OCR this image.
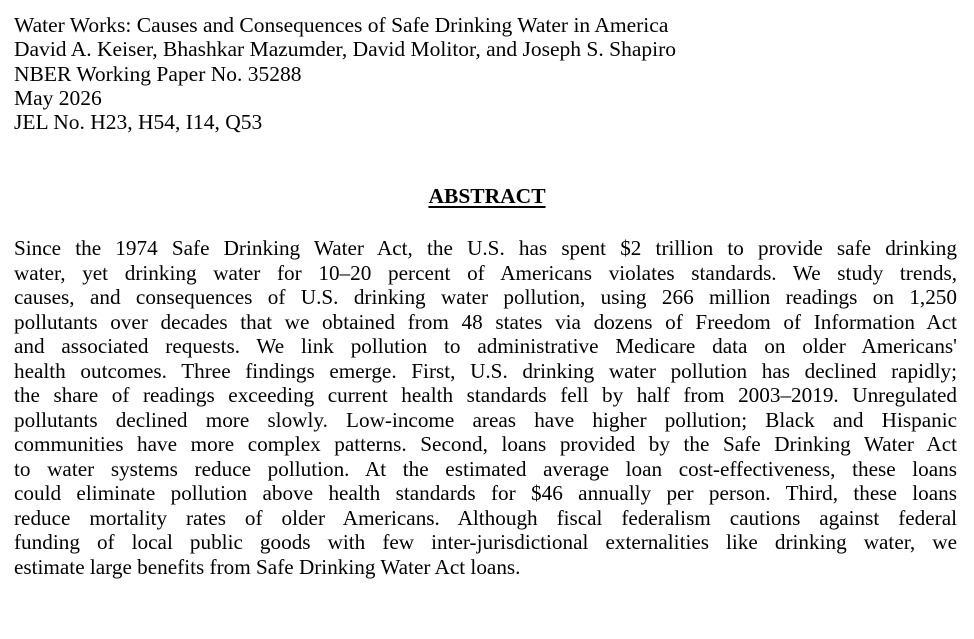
Water Works: Causes and Consequences of Safe Drinking Water in America
David A. Keiser, Bhashkar Mazumder, David Molitor, and Joseph S. Shapiro
NBER Working Paper No. 35288
May 2026
JEL No. H23, H54, I14, Q53
ABSTRACT
Since the 1974 Safe Drinking Water Act, the U.S. has spent $2 trillion to provide safe drinking
water, yet drinking water for 10–20 percent of Americans violates standards. We study trends,
causes, and consequences of U.S. drinking water pollution, using 266 million readings on 1,250
pollutants over decades that we obtained from 48 states via dozens of Freedom of Information Act
and associated requests. We link pollution to administrative Medicare data on older Americans'
health outcomes. Three findings emerge. First, U.S. drinking water pollution has declined rapidly;
the share of readings exceeding current health standards fell by half from 2003–2019. Unregulated
pollutants declined more slowly. Low-income areas have higher pollution; Black and Hispanic
communities have more complex patterns. Second, loans provided by the Safe Drinking Water Act
to water systems reduce pollution. At the estimated average loan cost-effectiveness, these loans
could eliminate pollution above health standards for $46 annually per person. Third, these loans
reduce mortality rates of older Americans. Although fiscal federalism cautions against federal
funding of local public goods with few inter-jurisdictional externalities like drinking water, we
estimate large benefits from Safe Drinking Water Act loans.
